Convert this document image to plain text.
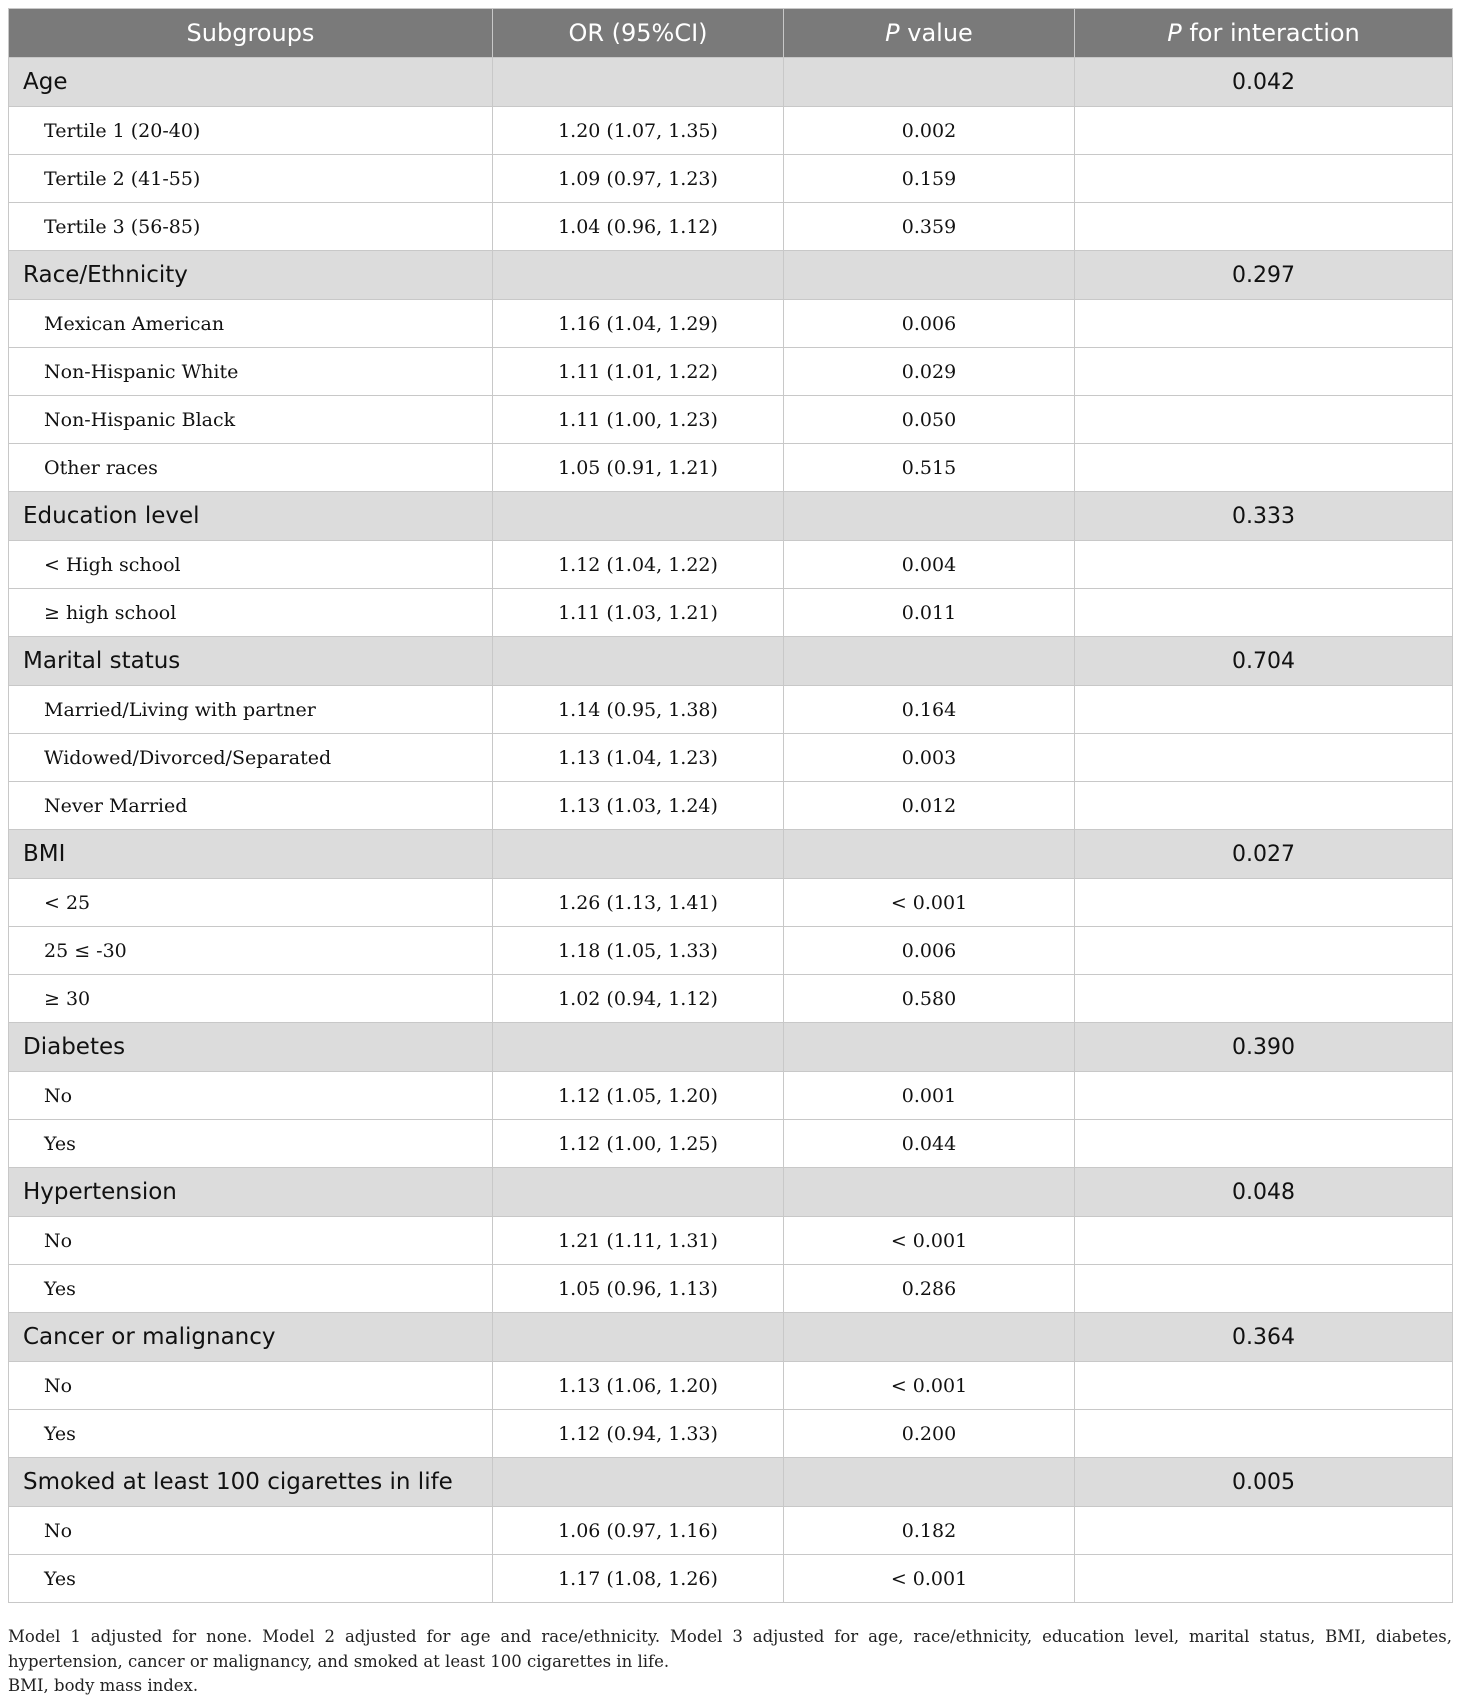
Subgroups	OR (95%CI)	P value	P for interaction
Age			0.042
Tertile 1 (20-40)	1.20 (1.07, 1.35)	0.002	
Tertile 2 (41-55)	1.09 (0.97, 1.23)	0.159	
Tertile 3 (56-85)	1.04 (0.96, 1.12)	0.359	
Race/Ethnicity			0.297
Mexican American	1.16 (1.04, 1.29)	0.006	
Non-Hispanic White	1.11 (1.01, 1.22)	0.029	
Non-Hispanic Black	1.11 (1.00, 1.23)	0.050	
Other races	1.05 (0.91, 1.21)	0.515	
Education level			0.333
< High school	1.12 (1.04, 1.22)	0.004	
≥ high school	1.11 (1.03, 1.21)	0.011	
Marital status			0.704
Married/Living with partner	1.14 (0.95, 1.38)	0.164	
Widowed/Divorced/Separated	1.13 (1.04, 1.23)	0.003	
Never Married	1.13 (1.03, 1.24)	0.012	
BMI			0.027
< 25	1.26 (1.13, 1.41)	< 0.001	
25 ≤ -30	1.18 (1.05, 1.33)	0.006	
≥ 30	1.02 (0.94, 1.12)	0.580	
Diabetes			0.390
No	1.12 (1.05, 1.20)	0.001	
Yes	1.12 (1.00, 1.25)	0.044	
Hypertension			0.048
No	1.21 (1.11, 1.31)	< 0.001	
Yes	1.05 (0.96, 1.13)	0.286	
Cancer or malignancy			0.364
No	1.13 (1.06, 1.20)	< 0.001	
Yes	1.12 (0.94, 1.33)	0.200	
Smoked at least 100 cigarettes in life			0.005
No	1.06 (0.97, 1.16)	0.182	
Yes	1.17 (1.08, 1.26)	< 0.001	

Model 1 adjusted for none. Model 2 adjusted for age and race/ethnicity. Model 3 adjusted for age, race/ethnicity, education level, marital status, BMI, diabetes, hypertension, cancer or malignancy, and smoked at least 100 cigarettes in life.

BMI, body mass index.
